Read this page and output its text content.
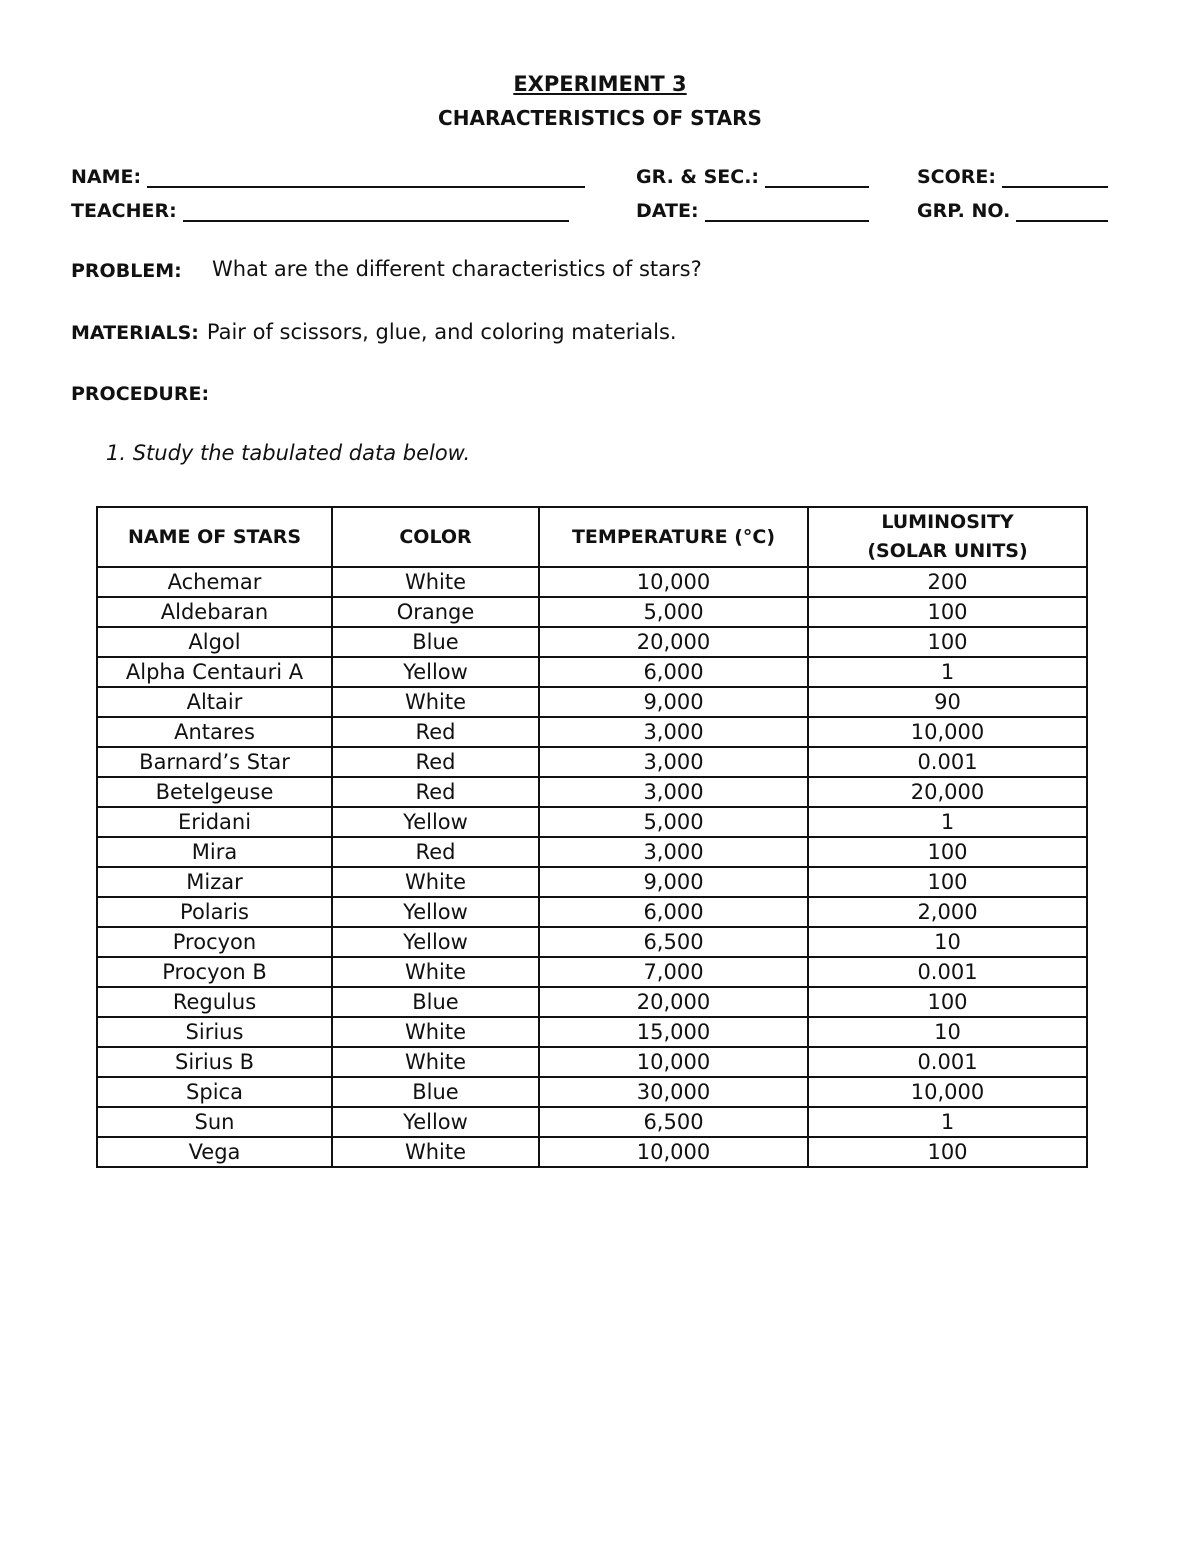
EXPERIMENT 3
CHARACTERISTICS OF STARS
NAME:	GR. & SEC.:	SCORE:
TEACHER:	DATE:	GRP. NO.
PROBLEM: What are the different characteristics of stars?
MATERIALS: Pair of scissors, glue, and coloring materials.
PROCEDURE:
1. Study the tabulated data below.
NAME OF STARS	COLOR	TEMPERATURE (°C)	LUMINOSITY
(SOLAR UNITS)
Achemar	White	10,000	200
Aldebaran	Orange	5,000	100
Algol	Blue	20,000	100
Alpha Centauri A	Yellow	6,000	1
Altair	White	9,000	90
Antares	Red	3,000	10,000
Barnard’s Star	Red	3,000	0.001
Betelgeuse	Red	3,000	20,000
Eridani	Yellow	5,000	1
Mira	Red	3,000	100
Mizar	White	9,000	100
Polaris	Yellow	6,000	2,000
Procyon	Yellow	6,500	10
Procyon B	White	7,000	0.001
Regulus	Blue	20,000	100
Sirius	White	15,000	10
Sirius B	White	10,000	0.001
Spica	Blue	30,000	10,000
Sun	Yellow	6,500	1
Vega	White	10,000	100
